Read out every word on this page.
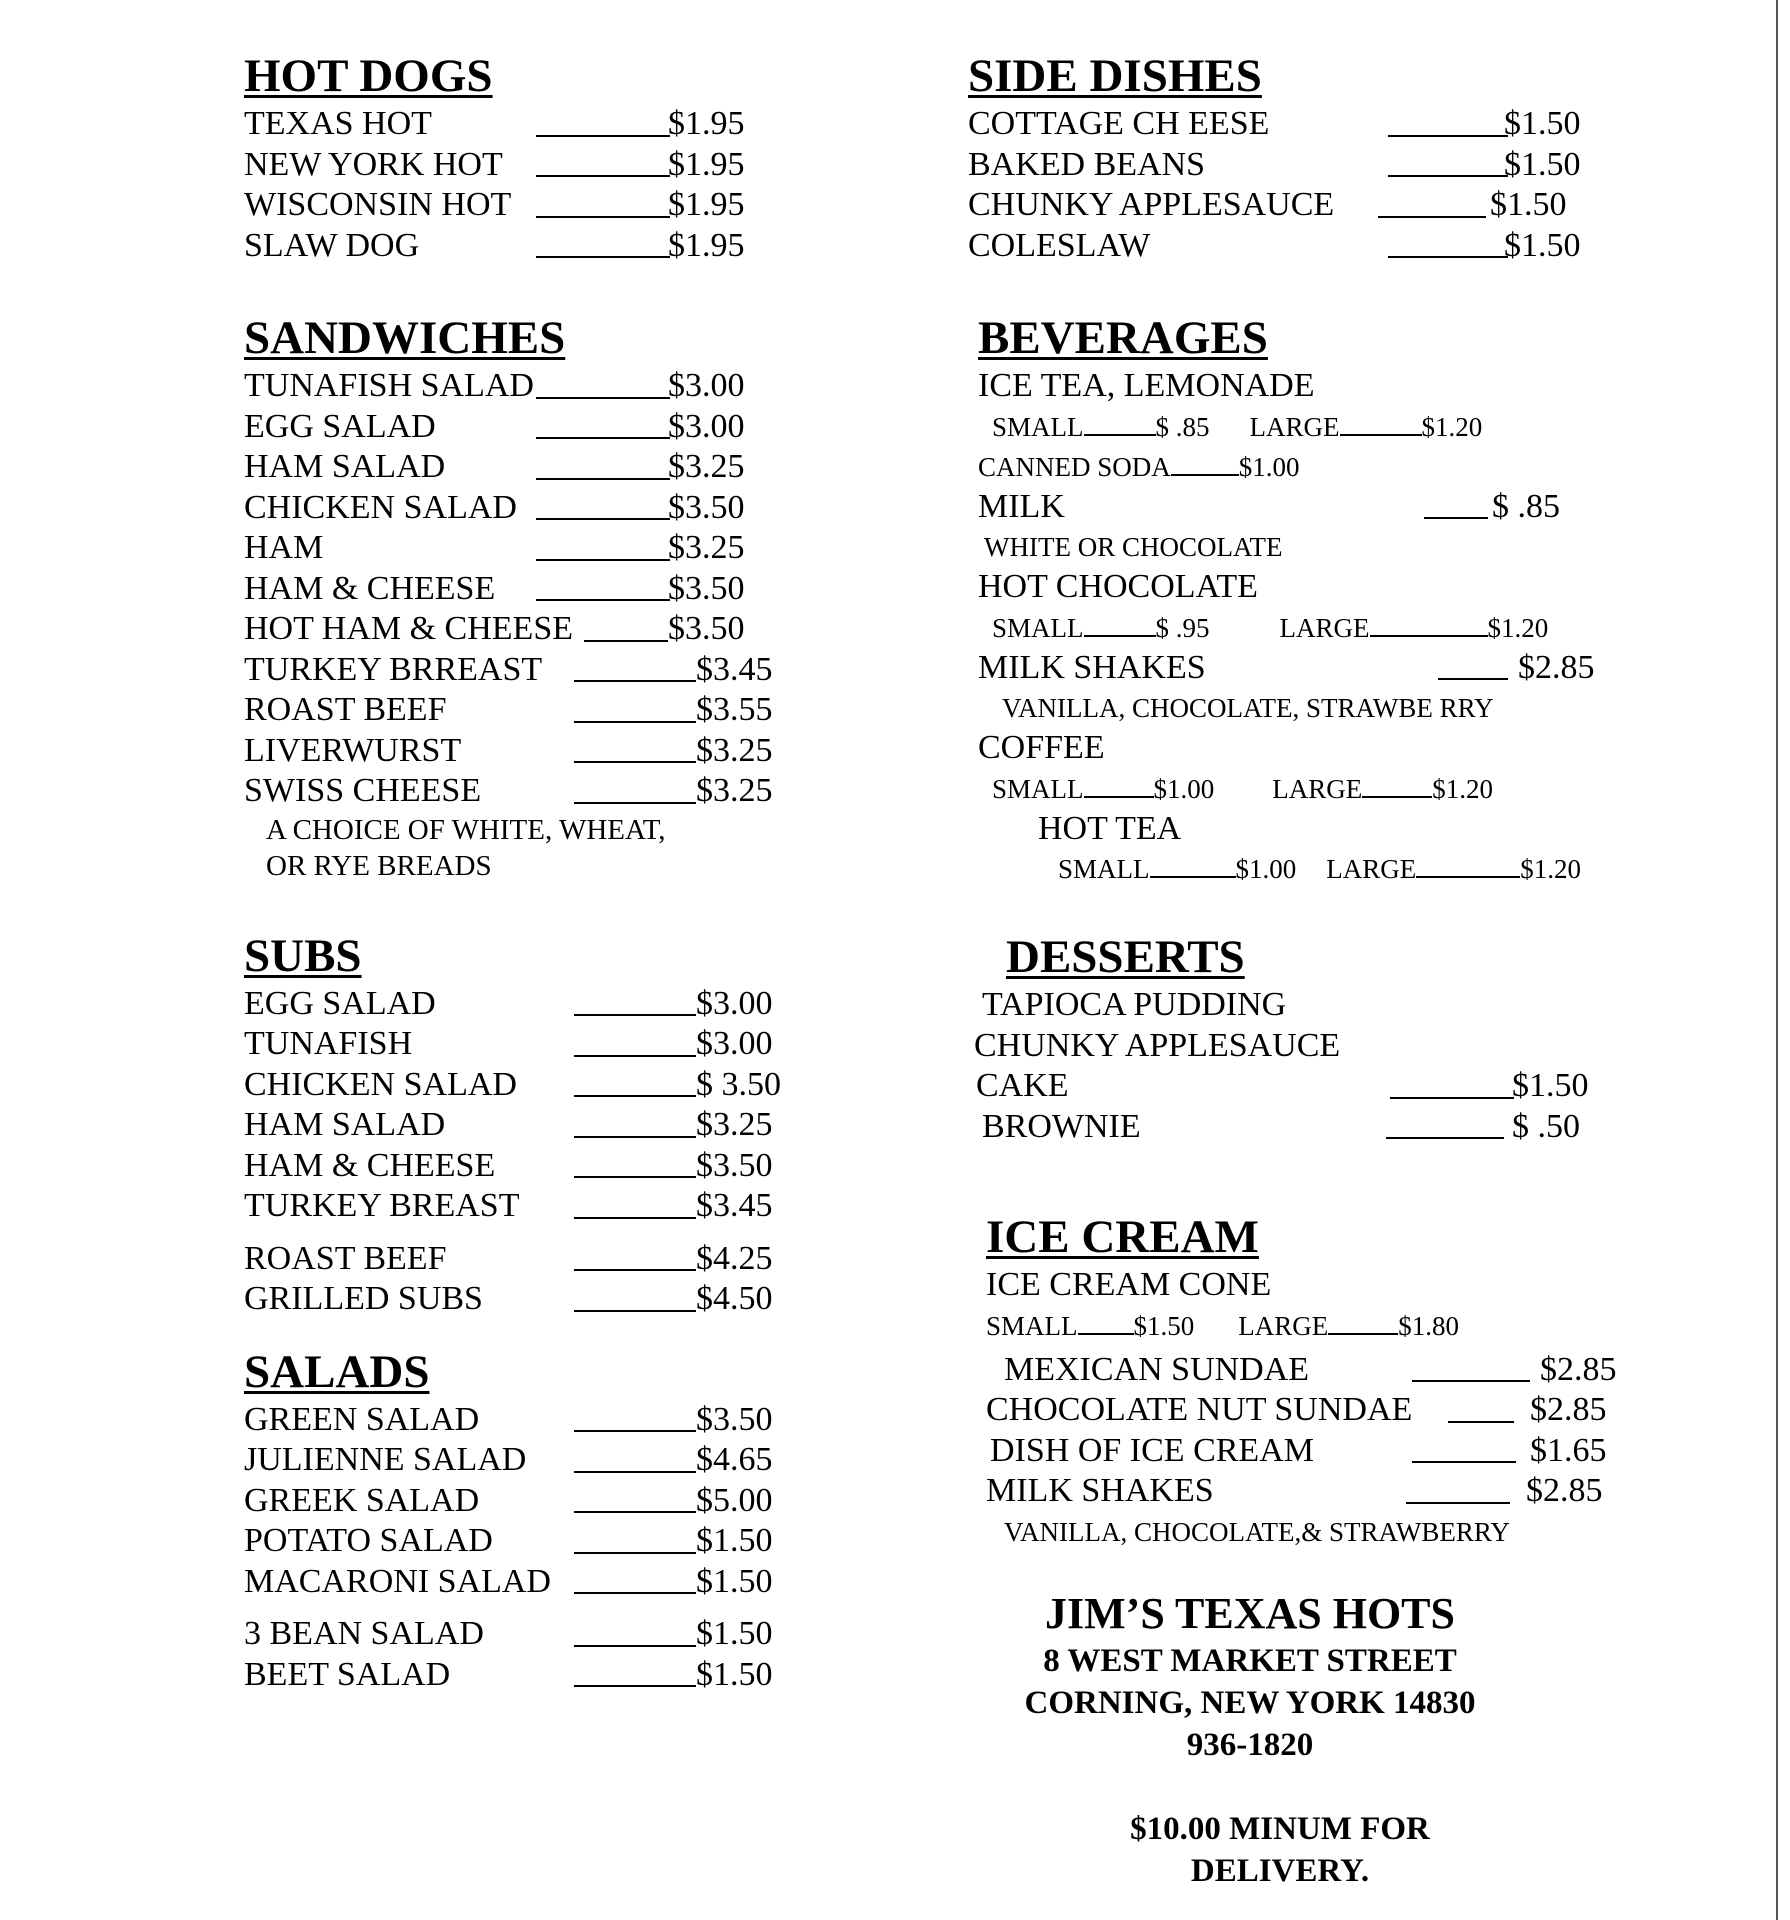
HOT DOGS
TEXAS HOT	$1.95
NEW YORK HOT	$1.95
WISCONSIN HOT	$1.95
SLAW DOG	$1.95
SANDWICHES
TUNAFISH SALAD	$3.00
EGG SALAD	$3.00
HAM SALAD	$3.25
CHICKEN SALAD	$3.50
HAM	$3.25
HAM & CHEESE	$3.50
HOT HAM & CHEESE	$3.50
TURKEY BRREAST	$3.45
ROAST BEEF	$3.55
LIVERWURST	$3.25
SWISS CHEESE	$3.25
A CHOICE OF WHITE, WHEAT,
OR RYE BREADS
SUBS
EGG SALAD	$3.00
TUNAFISH	$3.00
CHICKEN SALAD	$ 3.50
HAM SALAD	$3.25
HAM & CHEESE	$3.50
TURKEY BREAST	$3.45
ROAST BEEF	$4.25
GRILLED SUBS	$4.50
SALADS
GREEN SALAD	$3.50
JULIENNE SALAD	$4.65
GREEK SALAD	$5.00
POTATO SALAD	$1.50
MACARONI SALAD	$1.50
3 BEAN SALAD	$1.50
BEET SALAD	$1.50
SIDE DISHES
COTTAGE CH EESE	$1.50
BAKED BEANS	$1.50
CHUNKY APPLESAUCE	$1.50
COLESLAW	$1.50
BEVERAGES
ICE TEA, LEMONADE
SMALL	$ .85 LARGE	$1.20
CANNED SODA	$1.00
MILK	$ .85
WHITE OR CHOCOLATE
HOT CHOCOLATE
SMALL	$ .95	LARGE	$1.20
MILK SHAKES	$2.85
VANILLA, CHOCOLATE, STRAWBE RRY
COFFEE
SMALL	$1.00 LARGE	$1.20
HOT TEA
SMALL	$1.00 LARGE	$1.20
DESSERTS
TAPIOCA PUDDING
CHUNKY APPLESAUCE
CAKE	$1.50
BROWNIE	$ .50
ICE CREAM
ICE CREAM CONE
SMALL $1.50 LARGE	$1.80
MEXICAN SUNDAE	$2.85
CHOCOLATE NUT SUNDAE	$2.85
DISH OF ICE CREAM	$1.65
MILK SHAKES	$2.85
VANILLA, CHOCOLATE,& STRAWBERRY
JIM’S TEXAS HOTS
8 WEST MARKET STREET
CORNING, NEW YORK 14830
936-1820
$10.00 MINUM FOR DELIVERY.
